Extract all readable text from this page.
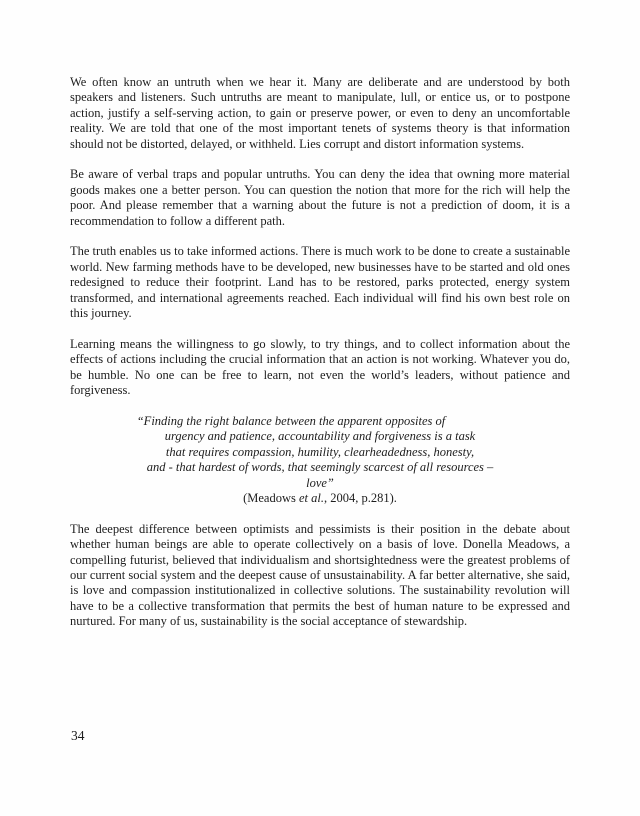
We often know an untruth when we hear it. Many are deliberate and are understood by both speakers and listeners. Such untruths are meant to manipulate, lull, or entice us, or to postpone action, justify a self-serving action, to gain or preserve power, or even to deny an uncomfortable reality. We are told that one of the most important tenets of systems theory is that information should not be distorted, delayed, or withheld. Lies corrupt and distort information systems.

Be aware of verbal traps and popular untruths. You can deny the idea that owning more material goods makes one a better person. You can question the notion that more for the rich will help the poor. And please remember that a warning about the future is not a prediction of doom, it is a recommendation to follow a different path.

The truth enables us to take informed actions. There is much work to be done to create a sustainable world. New farming methods have to be developed, new businesses have to be started and old ones redesigned to reduce their footprint. Land has to be restored, parks protected, energy system transformed, and international agreements reached. Each individual will find his own best role on this journey.

Learning means the willingness to go slowly, to try things, and to collect information about the effects of actions including the crucial information that an action is not working. Whatever you do, be humble. No one can be free to learn, not even the world’s leaders, without patience and forgiveness.

“Finding the right balance between the apparent opposites of
urgency and patience, accountability and forgiveness is a task
that requires compassion, humility, clearheadedness, honesty,
and - that hardest of words, that seemingly scarcest of all resources –
love”
(Meadows et al., 2004, p.281).

The deepest difference between optimists and pessimists is their position in the debate about whether human beings are able to operate collectively on a basis of love. Donella Meadows, a compelling futurist, believed that individualism and shortsightedness were the greatest problems of our current social system and the deepest cause of unsustainability. A far better alternative, she said, is love and compassion institutionalized in collective solutions. The sustainability revolution will have to be a collective transformation that permits the best of human nature to be expressed and nurtured. For many of us, sustainability is the social acceptance of stewardship.

34
